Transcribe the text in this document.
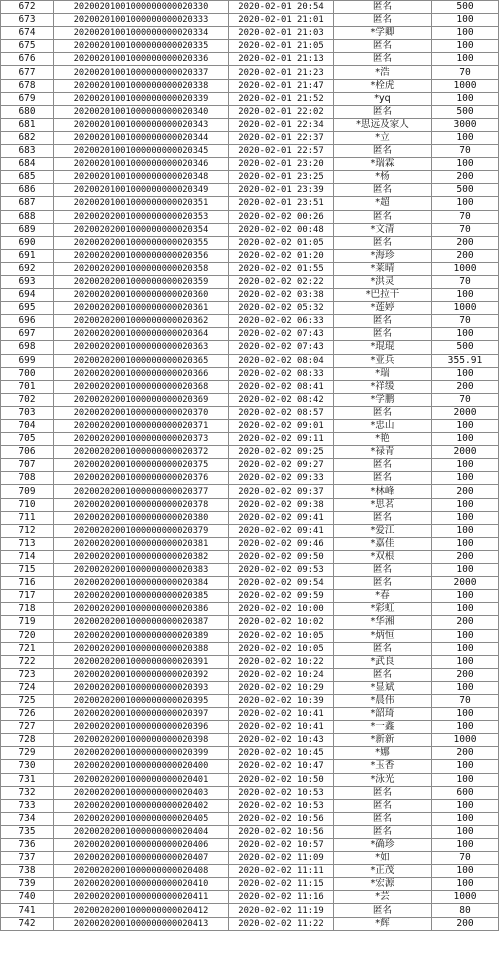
672	20200201001000000000020330	2020-02-01 20:54	匿名	500
673	20200201001000000000020333	2020-02-01 21:01	匿名	100
674	20200201001000000000020334	2020-02-01 21:03	*学卿	100
675	20200201001000000000020335	2020-02-01 21:05	匿名	100
676	20200201001000000000020336	2020-02-01 21:13	匿名	100
677	20200201001000000000020337	2020-02-01 21:23	*浩	70
678	20200201001000000000020338	2020-02-01 21:47	*栓虎	1000
679	20200201001000000000020339	2020-02-01 21:52	*yq	100
680	20200201001000000000020340	2020-02-01 22:02	匿名	500
681	20200201001000000000020343	2020-02-01 22:34	*思远及家人	3000
682	20200201001000000000020344	2020-02-01 22:37	*立	100
683	20200201001000000000020345	2020-02-01 22:57	匿名	70
684	20200201001000000000020346	2020-02-01 23:20	*瑞霖	100
685	20200201001000000000020348	2020-02-01 23:25	*杨	200
686	20200201001000000000020349	2020-02-01 23:39	匿名	500
687	20200201001000000000020351	2020-02-01 23:51	*超	100
688	20200202001000000000020353	2020-02-02 00:26	匿名	70
689	20200202001000000000020354	2020-02-02 00:48	*文清	70
690	20200202001000000000020355	2020-02-02 01:05	匿名	200
691	20200202001000000000020356	2020-02-02 01:20	*海珍	200
692	20200202001000000000020358	2020-02-02 01:55	*莱晴	1000
693	20200202001000000000020359	2020-02-02 02:22	*洪灵	70
694	20200202001000000000020360	2020-02-02 03:38	*巴拉干	100
695	20200202001000000000020361	2020-02-02 05:32	*莲婷	1000
696	20200202001000000000020362	2020-02-02 06:33	匿名	70
697	20200202001000000000020364	2020-02-02 07:43	匿名	100
698	20200202001000000000020363	2020-02-02 07:43	*琨琨	500
699	20200202001000000000020365	2020-02-02 08:04	*亚兵	355.91
700	20200202001000000000020366	2020-02-02 08:33	*瑞	100
701	20200202001000000000020368	2020-02-02 08:41	*祥缓	200
702	20200202001000000000020369	2020-02-02 08:42	*学鹏	70
703	20200202001000000000020370	2020-02-02 08:57	匿名	2000
704	20200202001000000000020371	2020-02-02 09:01	*忠山	100
705	20200202001000000000020373	2020-02-02 09:11	*艳	100
706	20200202001000000000020372	2020-02-02 09:25	*禄青	2000
707	20200202001000000000020375	2020-02-02 09:27	匿名	100
708	20200202001000000000020376	2020-02-02 09:33	匿名	100
709	20200202001000000000020377	2020-02-02 09:37	*林峰	200
710	20200202001000000000020378	2020-02-02 09:38	*思茗	100
711	20200202001000000000020380	2020-02-02 09:41	匿名	100
712	20200202001000000000020379	2020-02-02 09:41	*爱江	100
713	20200202001000000000020381	2020-02-02 09:46	*嘉佳	100
714	20200202001000000000020382	2020-02-02 09:50	*双根	200
715	20200202001000000000020383	2020-02-02 09:53	匿名	100
716	20200202001000000000020384	2020-02-02 09:54	匿名	2000
717	20200202001000000000020385	2020-02-02 09:59	*春	100
718	20200202001000000000020386	2020-02-02 10:00	*彩虹	100
719	20200202001000000000020387	2020-02-02 10:02	*华湘	200
720	20200202001000000000020389	2020-02-02 10:05	*炳恒	100
721	20200202001000000000020388	2020-02-02 10:05	匿名	100
722	20200202001000000000020391	2020-02-02 10:22	*武良	100
723	20200202001000000000020392	2020-02-02 10:24	匿名	200
724	20200202001000000000020393	2020-02-02 10:29	*显斌	100
725	20200202001000000000020395	2020-02-02 10:39	*晨伟	70
726	20200202001000000000020397	2020-02-02 10:41	*韶琦	100
727	20200202001000000000020396	2020-02-02 10:41	*一鑫	100
728	20200202001000000000020398	2020-02-02 10:43	*新新	1000
729	20200202001000000000020399	2020-02-02 10:45	*娜	200
730	20200202001000000000020400	2020-02-02 10:47	*玉香	100
731	20200202001000000000020401	2020-02-02 10:50	*泳光	100
732	20200202001000000000020403	2020-02-02 10:53	匿名	600
733	20200202001000000000020402	2020-02-02 10:53	匿名	100
734	20200202001000000000020405	2020-02-02 10:56	匿名	100
735	20200202001000000000020404	2020-02-02 10:56	匿名	100
736	20200202001000000000020406	2020-02-02 10:57	*确珍	100
737	20200202001000000000020407	2020-02-02 11:09	*如	70
738	20200202001000000000020408	2020-02-02 11:11	*正茂	100
739	20200202001000000000020410	2020-02-02 11:15	*宏源	100
740	20200202001000000000020411	2020-02-02 11:16	*芸	1000
741	20200202001000000000020412	2020-02-02 11:19	匿名	80
742	20200202001000000000020413	2020-02-02 11:22	*辉	200
